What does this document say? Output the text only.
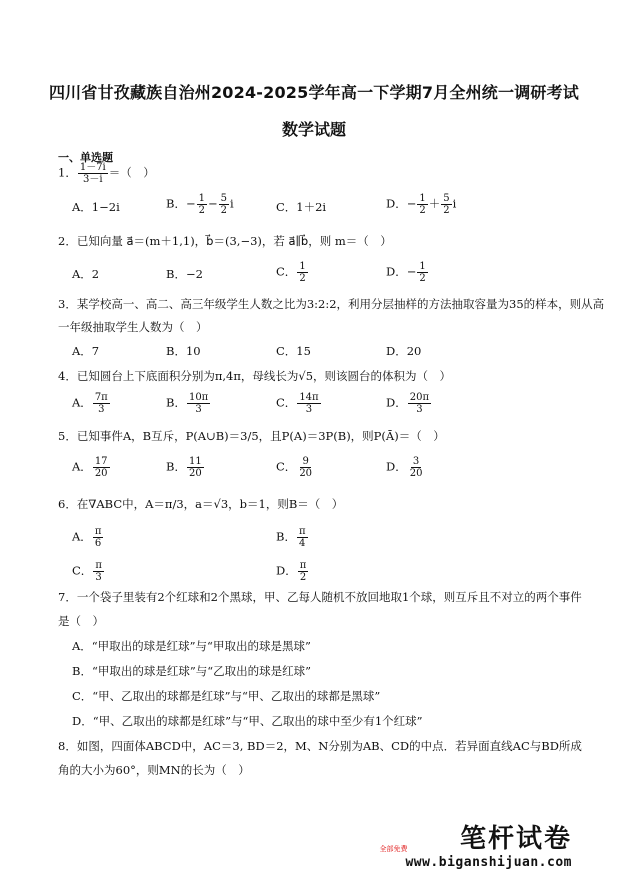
四川省甘孜藏族自治州2024-2025学年高一下学期7月全州统一调研考试
数学试题
一、单选题
1． $\frac{1-7i}{3-i}$ ＝（　）
A．1−2i	B．− $\frac{1}{2} - \frac{5}{2}$ i	C．1＋2i	D．− $\frac{1}{2} + \frac{5}{2}$ i
2．已知向量 a⃗＝(m＋1,1)，b⃗＝(3,−3)，若 a⃗∥b⃗，则 m＝（　）
A．2	B．−2	C． $\frac{1}{2}$	D．− $\frac{1}{2}$
3．某学校高一、高二、高三年级学生人数之比为3:2:2，利用分层抽样的方法抽取容量为35的样本，则从高
一年级抽取学生人数为（　）
A．7	B．10	C．15	D．20
4．已知圆台上下底面积分别为π,4π，母线长为√5，则该圆台的体积为（　）
A． $\frac{7\pi}{3}$	B． $\frac{10\pi}{3}$	C． $\frac{14\pi}{3}$	D． $\frac{20\pi}{3}$
5．已知事件A，B互斥，P(A∪B)＝3/5，且P(A)＝3P(B)，则P(Ā)＝（　）
A． $\frac{17}{20}$	B． $\frac{11}{20}$	C． $\frac{9}{20}$	D． $\frac{3}{20}$
6．在∇ABC中，A＝π/3，a＝√3，b＝1，则B＝（　）
A． $\frac{\pi}{6}$	B． $\frac{\pi}{4}$
C． $\frac{\pi}{3}$	D． $\frac{\pi}{2}$
7．一个袋子里装有2个红球和2个黑球，甲、乙每人随机不放回地取1个球，则互斥且不对立的两个事件
是（　）
A．“甲取出的球是红球”与“甲取出的球是黑球”
B．“甲取出的球是红球”与“乙取出的球是红球”
C．“甲、乙取出的球都是红球”与“甲、乙取出的球都是黑球”
D．“甲、乙取出的球都是红球”与“甲、乙取出的球中至少有1个红球”
8．如图，四面体ABCD中，AC＝3, BD＝2，M、N分别为AB、CD的中点．若异面直线AC与BD所成
角的大小为60°，则MN的长为（　）
笔杆试卷
www.biganshijuan.com
全部免费
